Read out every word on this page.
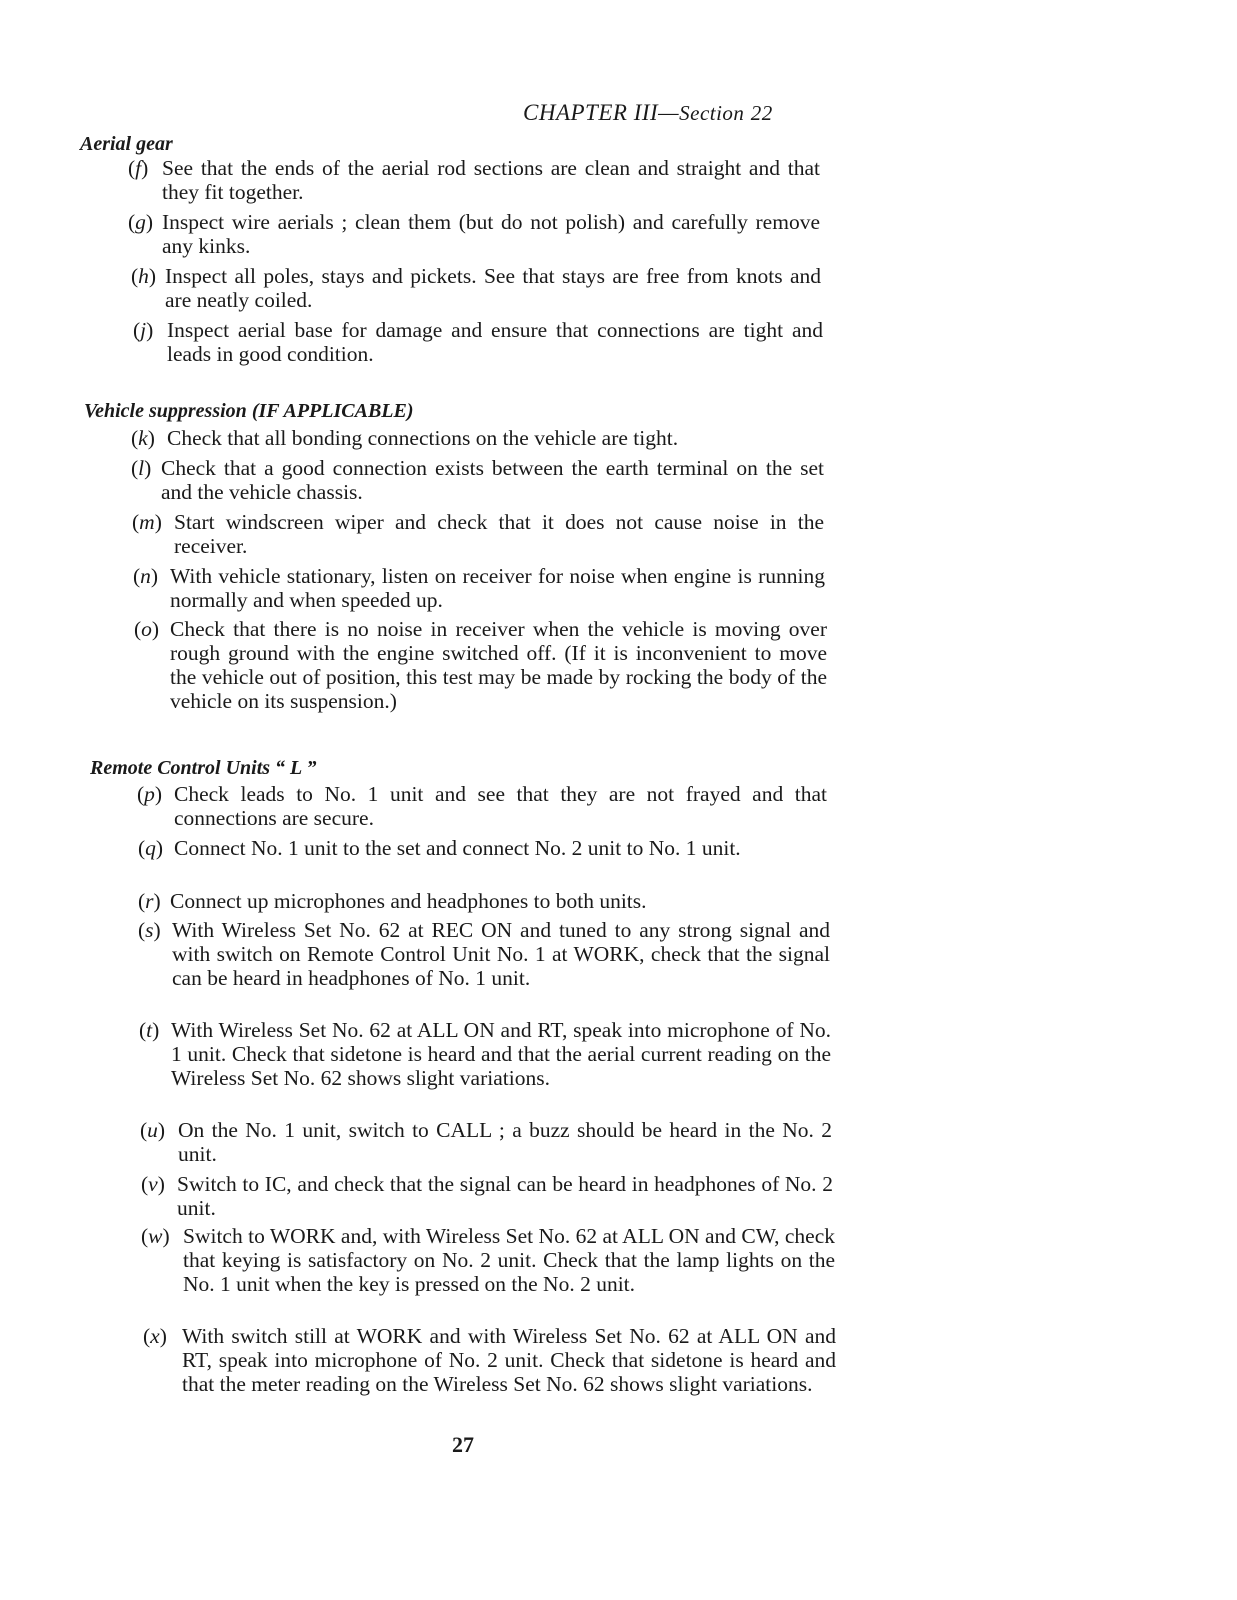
CHAPTER III—Section 22
Aerial gear
(f) See that the ends of the aerial rod sections are clean and straight and that they fit together.
(g) Inspect wire aerials ; clean them (but do not polish) and carefully remove any kinks.
(h) Inspect all poles, stays and pickets. See that stays are free from knots and are neatly coiled.
(j) Inspect aerial base for damage and ensure that connections are tight and leads in good condition.
Vehicle suppression (IF APPLICABLE)
(k) Check that all bonding connections on the vehicle are tight.
(l) Check that a good connection exists between the earth terminal on the set and the vehicle chassis.
(m) Start windscreen wiper and check that it does not cause noise in the receiver.
(n) With vehicle stationary, listen on receiver for noise when engine is running normally and when speeded up.
(o) Check that there is no noise in receiver when the vehicle is moving over rough ground with the engine switched off. (If it is inconvenient to move the vehicle out of position, this test may be made by rocking the body of the vehicle on its suspension.)
Remote Control Units “ L ”
(p) Check leads to No. 1 unit and see that they are not frayed and that connections are secure.
(q) Connect No. 1 unit to the set and connect No. 2 unit to No. 1 unit.
(r) Connect up microphones and headphones to both units.
(s) With Wireless Set No. 62 at REC ON and tuned to any strong signal and with switch on Remote Control Unit No. 1 at WORK, check that the signal can be heard in headphones of No. 1 unit.
(t) With Wireless Set No. 62 at ALL ON and RT, speak into microphone of No. 1 unit. Check that sidetone is heard and that the aerial current reading on the Wireless Set No. 62 shows slight variations.
(u) On the No. 1 unit, switch to CALL ; a buzz should be heard in the No. 2 unit.
(v) Switch to IC, and check that the signal can be heard in headphones of No. 2 unit.
(w) Switch to WORK and, with Wireless Set No. 62 at ALL ON and CW, check that keying is satisfactory on No. 2 unit. Check that the lamp lights on the No. 1 unit when the key is pressed on the No. 2 unit.
(x) With switch still at WORK and with Wireless Set No. 62 at ALL ON and RT, speak into microphone of No. 2 unit. Check that sidetone is heard and that the meter reading on the Wireless Set No. 62 shows slight variations.
27
